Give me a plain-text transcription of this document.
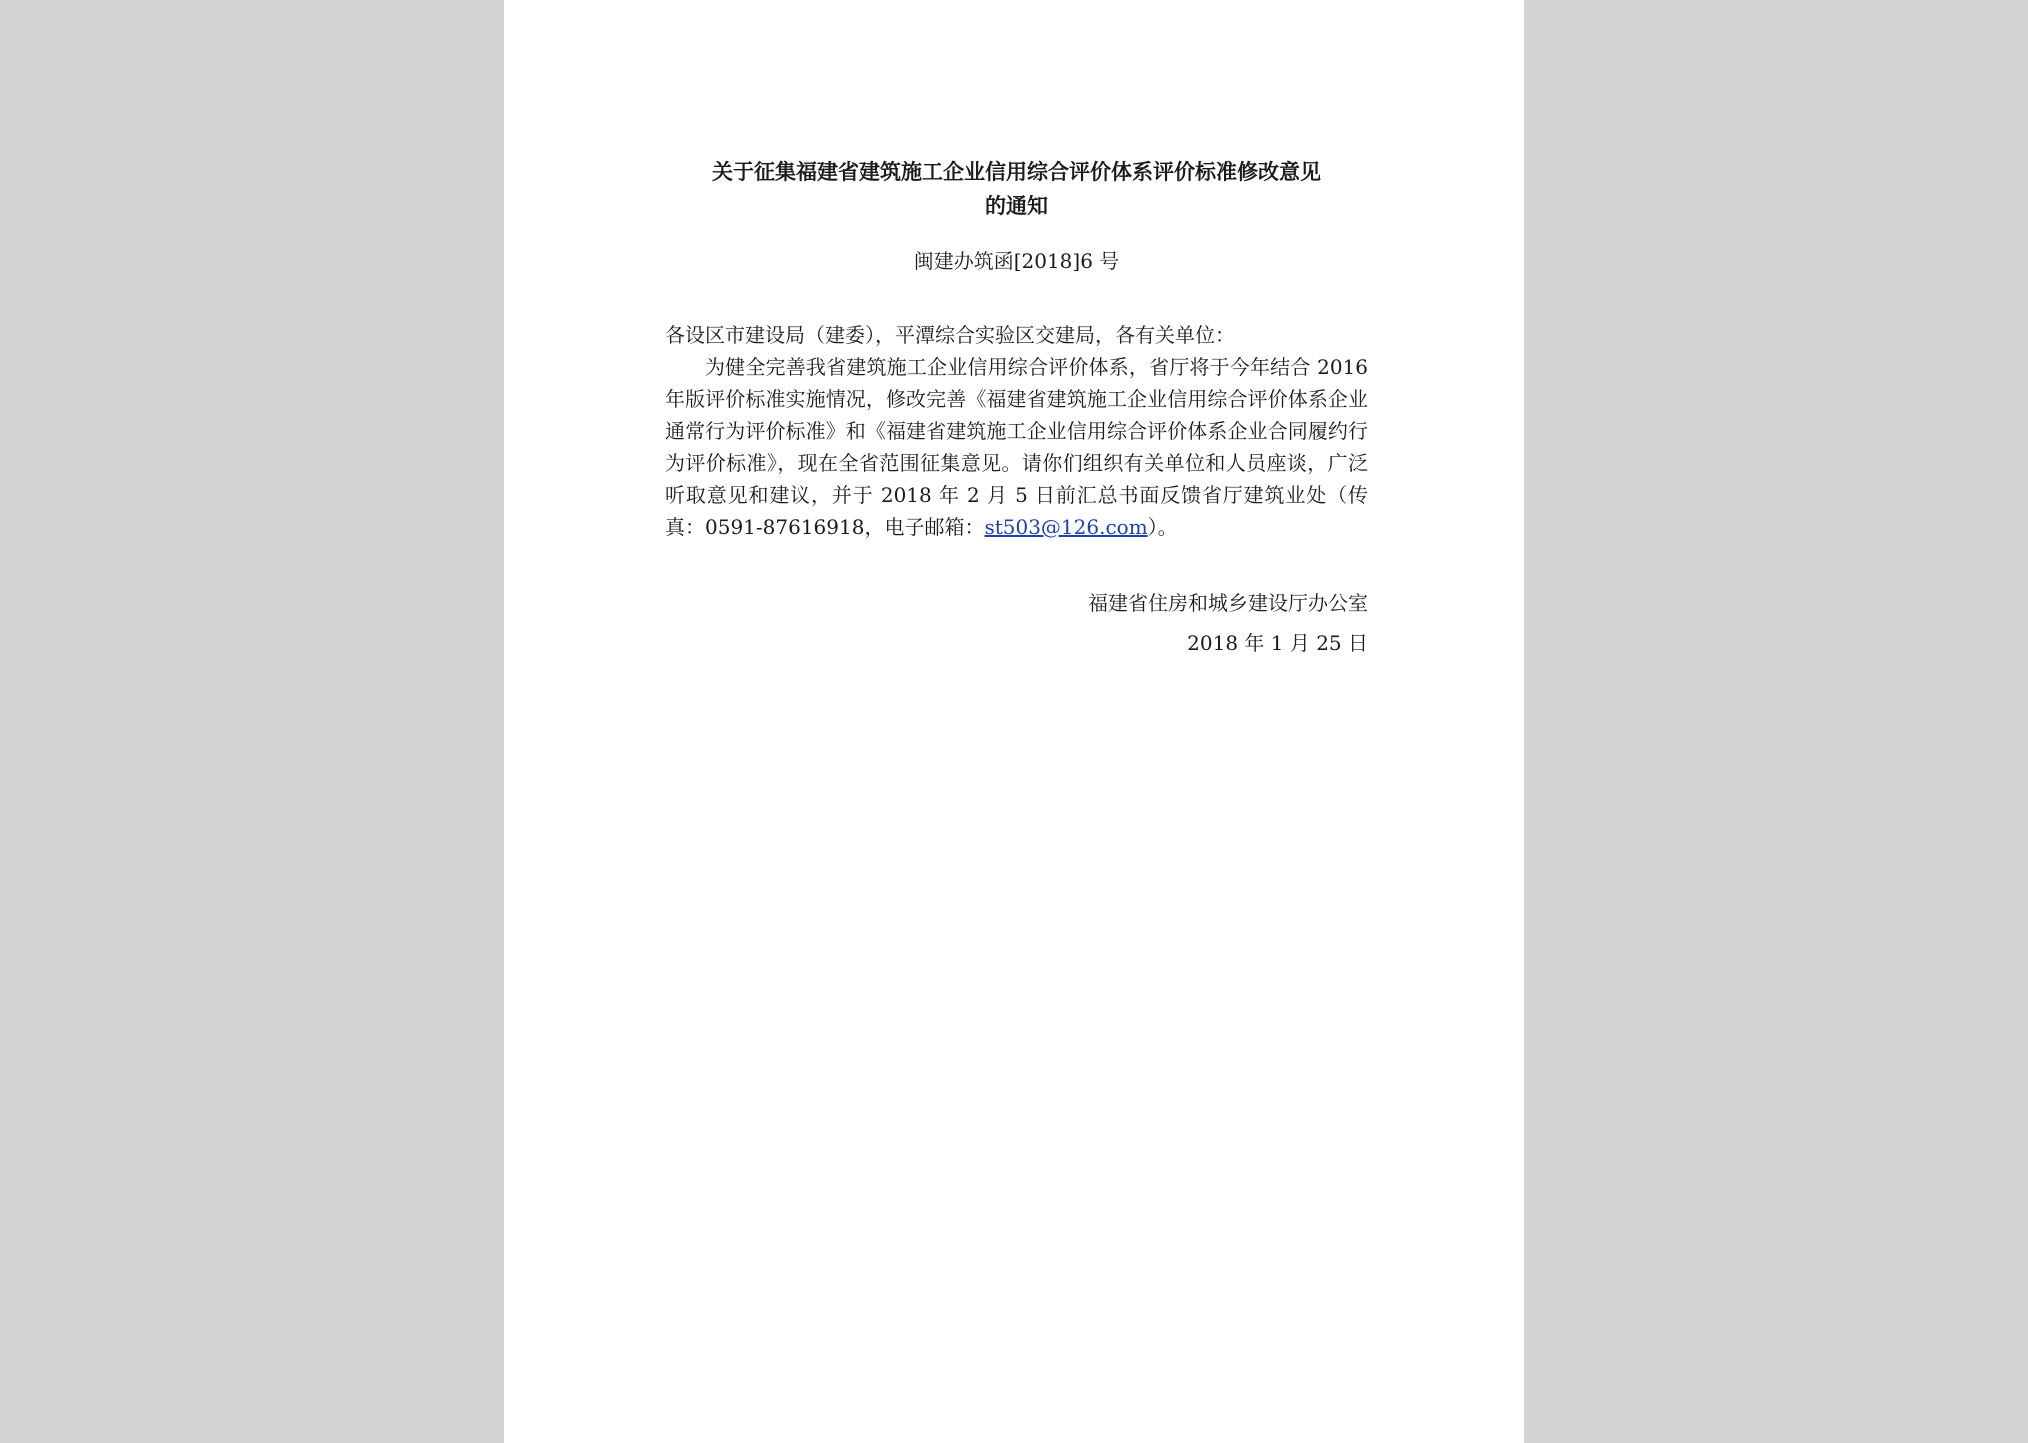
关于征集福建省建筑施工企业信用综合评价体系评价标准修改意见
的通知
闽建办筑函[2018]6 号
各设区市建设局（建委），平潭综合实验区交建局，各有关单位：

为健全完善我省建筑施工企业信用综合评价体系，省厅将于今年结合 2016 年版评价标准实施情况，修改完善《福建省建筑施工企业信用综合评价体系企业通常行为评价标准》和《福建省建筑施工企业信用综合评价体系企业合同履约行为评价标准》，现在全省范围征集意见。请你们组织有关单位和人员座谈，广泛听取意见和建议，并于 2018 年 2 月 5 日前汇总书面反馈省厅建筑业处（传真：0591-87616918，电子邮箱：st503@126.com）。

福建省住房和城乡建设厅办公室
2018 年 1 月 25 日
